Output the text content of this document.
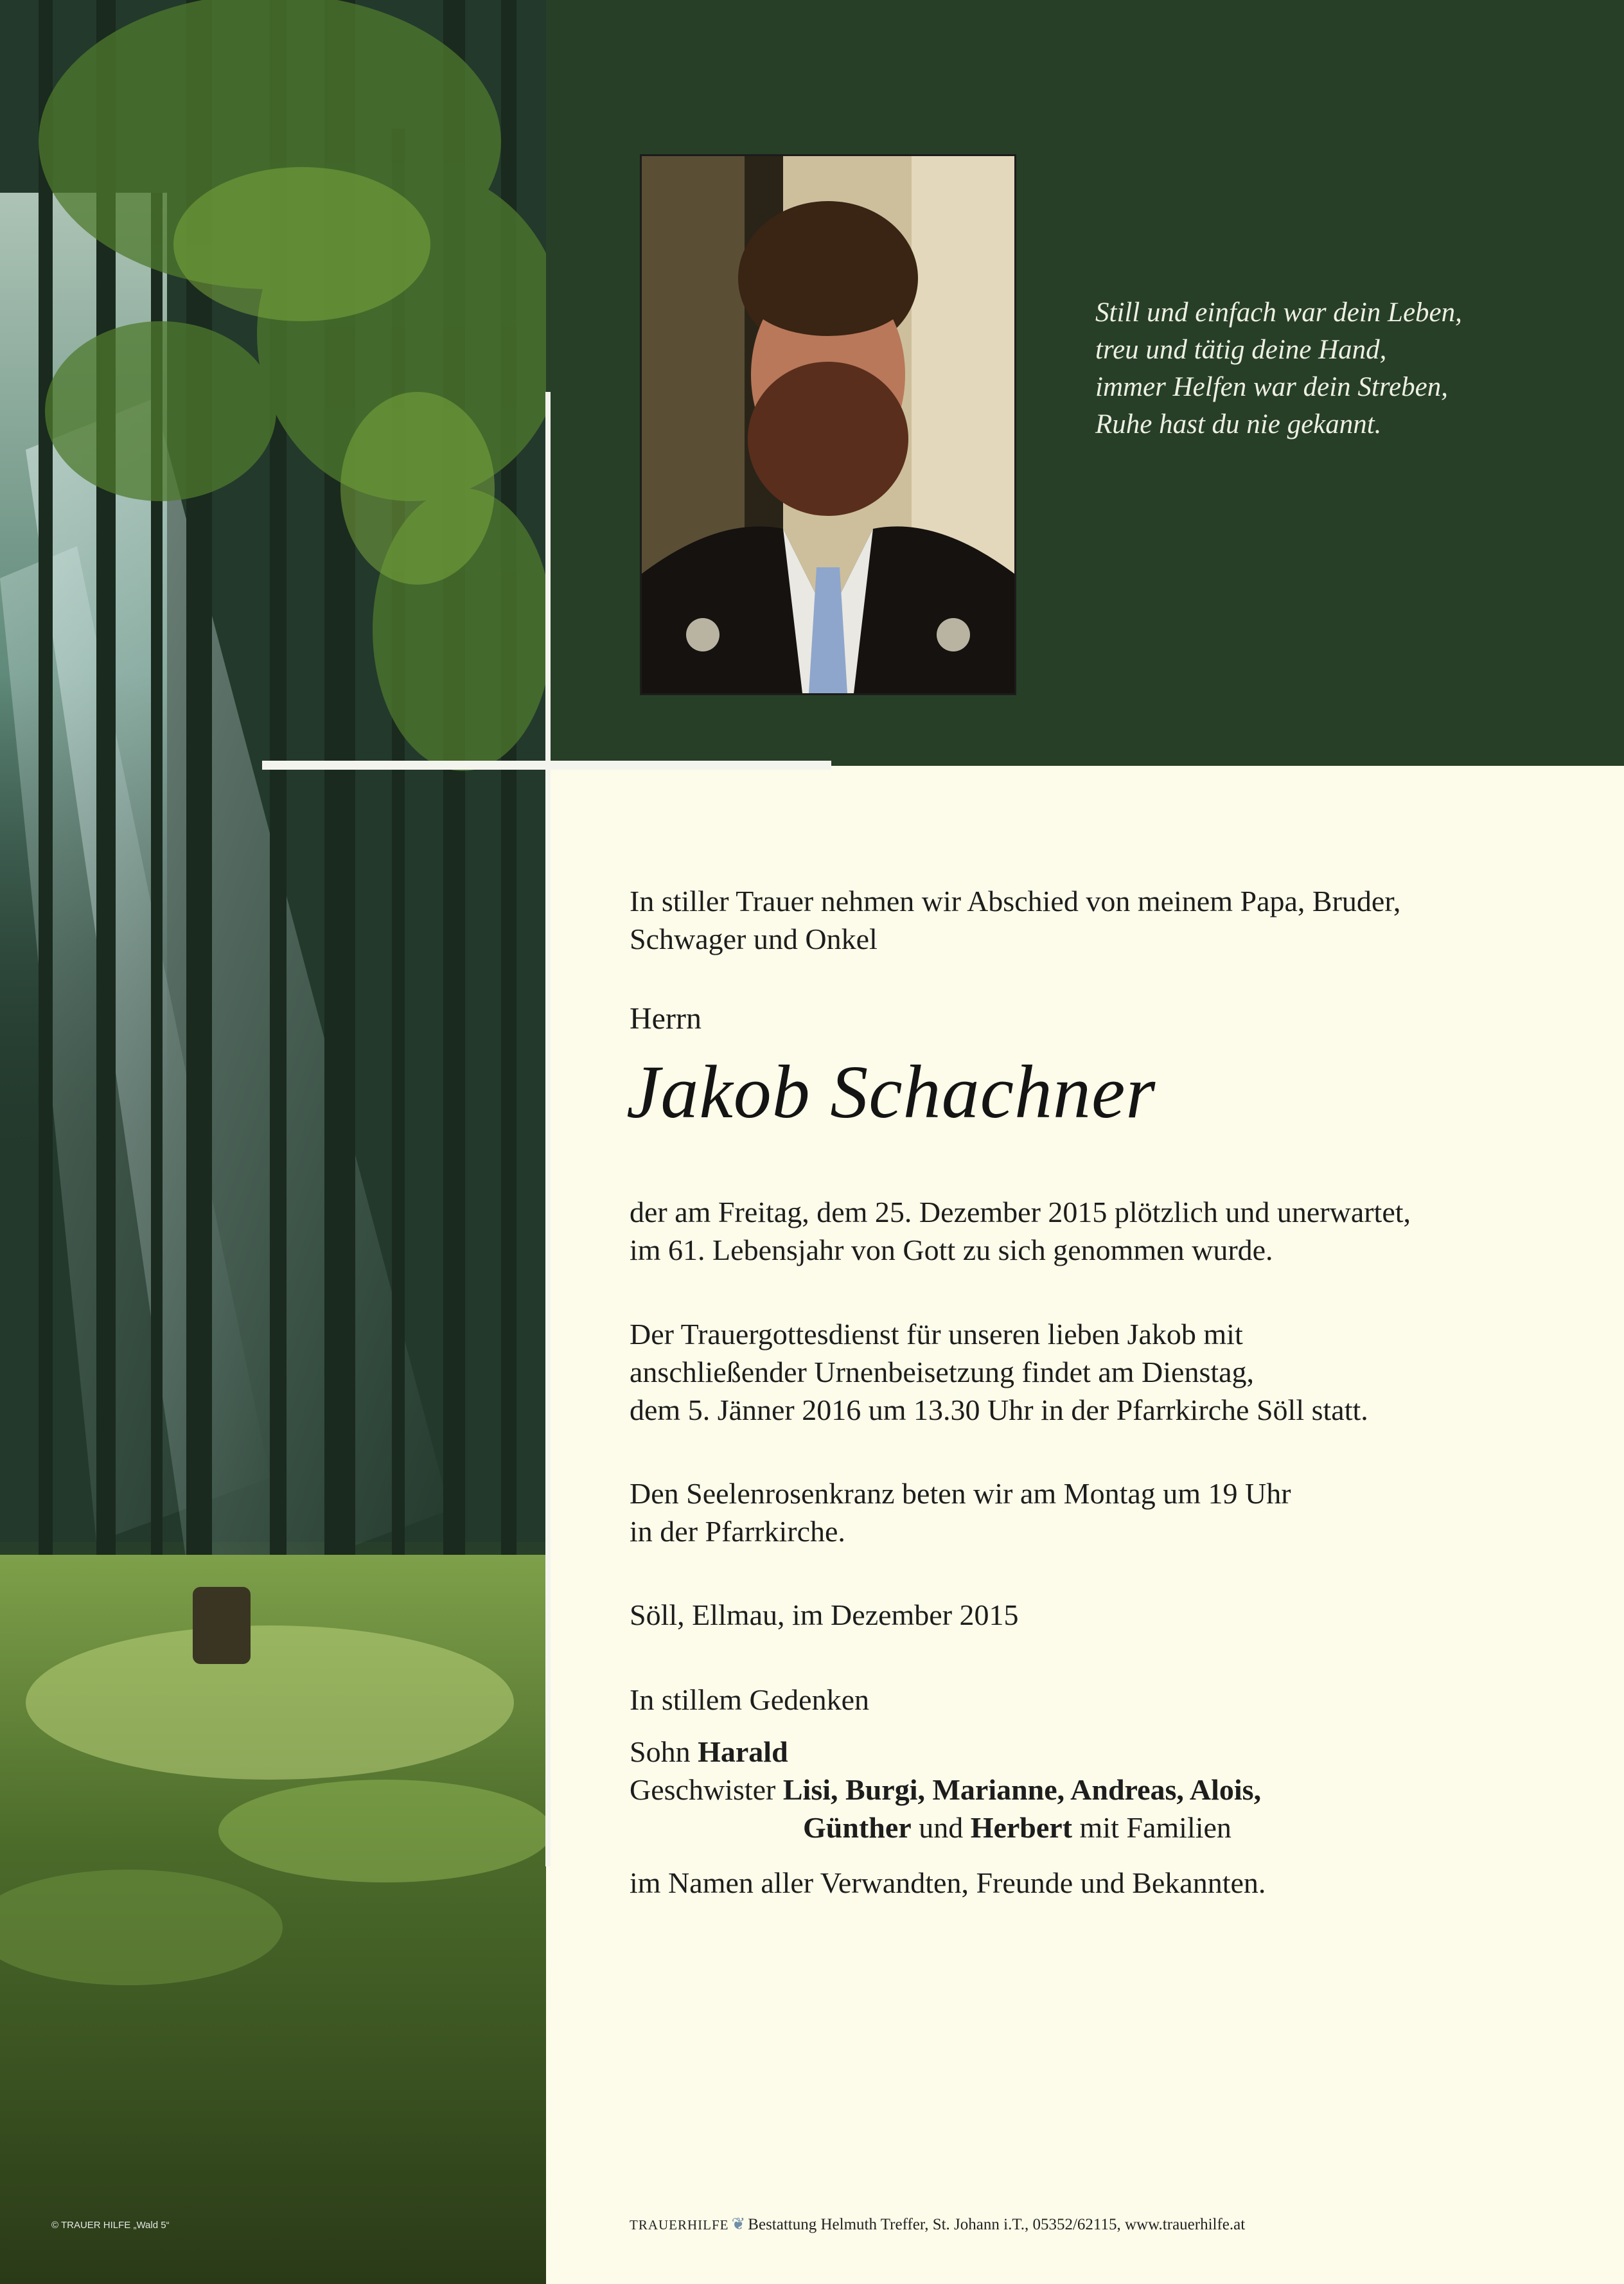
© TRAUER HILFE „Wald 5“
Still und einfach war dein Leben,
treu und tätig deine Hand,
immer Helfen war dein Streben,
Ruhe hast du nie gekannt.
In stiller Trauer nehmen wir Abschied von meinem Papa, Bruder,
Schwager und Onkel
Herrn
Jakob Schachner
der am Freitag, dem 25. Dezember 2015 plötzlich und unerwartet,
im 61. Lebensjahr von Gott zu sich genommen wurde.
Der Trauergottesdienst für unseren lieben Jakob mit
anschließender Urnenbeisetzung findet am Dienstag,
dem 5. Jänner 2016 um 13.30 Uhr in der Pfarrkirche Söll statt.
Den Seelenrosenkranz beten wir am Montag um 19 Uhr
in der Pfarrkirche.
Söll, Ellmau, im Dezember 2015
In stillem Gedenken
Sohn Harald
Geschwister Lisi, Burgi, Marianne, Andreas, Alois,
Günther und Herbert mit Familien
im Namen aller Verwandten, Freunde und Bekannten.
TRAUERHILFE ❦ Bestattung Helmuth Treffer, St. Johann i.T., 05352/62115, www.trauerhilfe.at
